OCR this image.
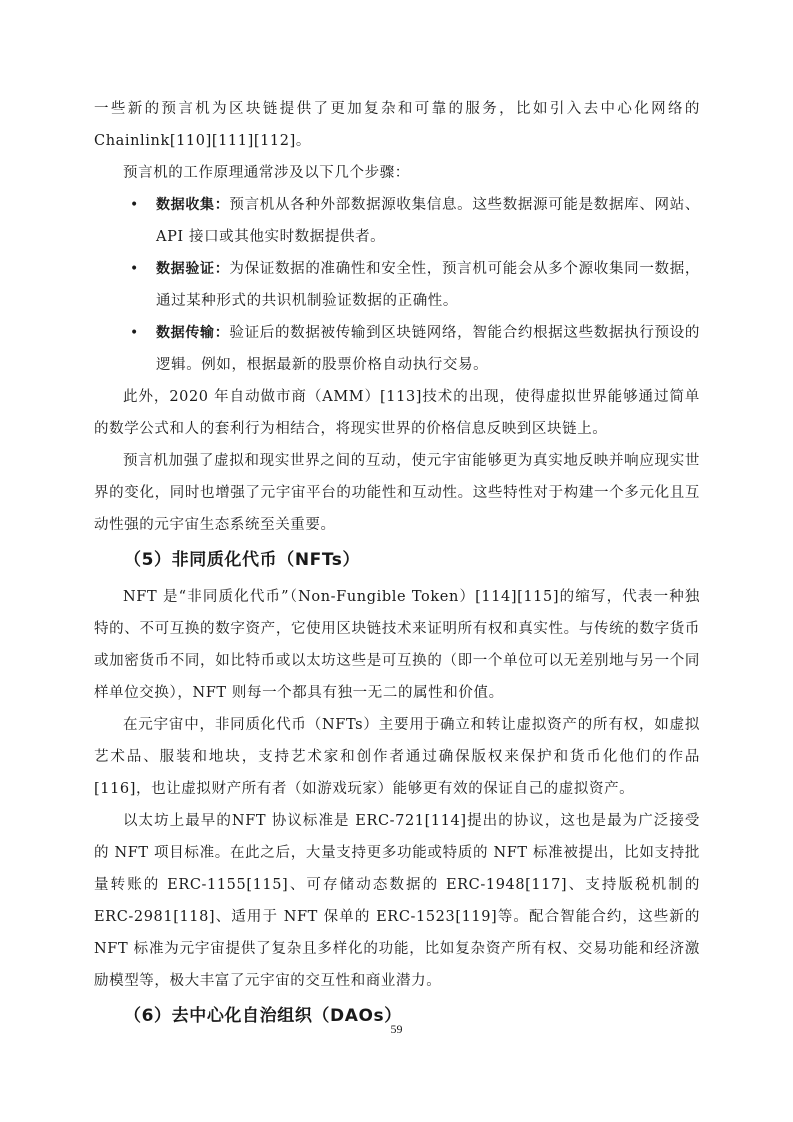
一些新的预言机为区块链提供了更加复杂和可靠的服务，比如引入去中心化网络的Chainlink[110][111][112]。

预言机的工作原理通常涉及以下几个步骤：

• 数据收集：预言机从各种外部数据源收集信息。这些数据源可能是数据库、网站、API 接口或其他实时数据提供者。
• 数据验证：为保证数据的准确性和安全性，预言机可能会从多个源收集同一数据，通过某种形式的共识机制验证数据的正确性。
• 数据传输：验证后的数据被传输到区块链网络，智能合约根据这些数据执行预设的逻辑。例如，根据最新的股票价格自动执行交易。

此外，2020 年自动做市商（AMM）[113]技术的出现，使得虚拟世界能够通过简单的数学公式和人的套利行为相结合，将现实世界的价格信息反映到区块链上。

预言机加强了虚拟和现实世界之间的互动，使元宇宙能够更为真实地反映并响应现实世界的变化，同时也增强了元宇宙平台的功能性和互动性。这些特性对于构建一个多元化且互动性强的元宇宙生态系统至关重要。

（5）非同质化代币（NFTs）

NFT 是“非同质化代币”（Non-Fungible Token）[114][115]的缩写，代表一种独特的、不可互换的数字资产，它使用区块链技术来证明所有权和真实性。与传统的数字货币或加密货币不同，如比特币或以太坊这些是可互换的（即一个单位可以无差别地与另一个同样单位交换），NFT 则每一个都具有独一无二的属性和价值。

在元宇宙中，非同质化代币（NFTs）主要用于确立和转让虚拟资产的所有权，如虚拟艺术品、服装和地块，支持艺术家和创作者通过确保版权来保护和货币化他们的作品[116]，也让虚拟财产所有者（如游戏玩家）能够更有效的保证自己的虚拟资产。

以太坊上最早的NFT 协议标准是 ERC-721[114]提出的协议，这也是最为广泛接受的 NFT 项目标准。在此之后，大量支持更多功能或特质的 NFT 标准被提出，比如支持批量转账的 ERC-1155[115]、可存储动态数据的 ERC-1948[117]、支持版税机制的 ERC-2981[118]、适用于 NFT 保单的 ERC-1523[119]等。配合智能合约，这些新的 NFT 标准为元宇宙提供了复杂且多样化的功能，比如复杂资产所有权、交易功能和经济激励模型等，极大丰富了元宇宙的交互性和商业潜力。

（6）去中心化自治组织（DAOs）
59
